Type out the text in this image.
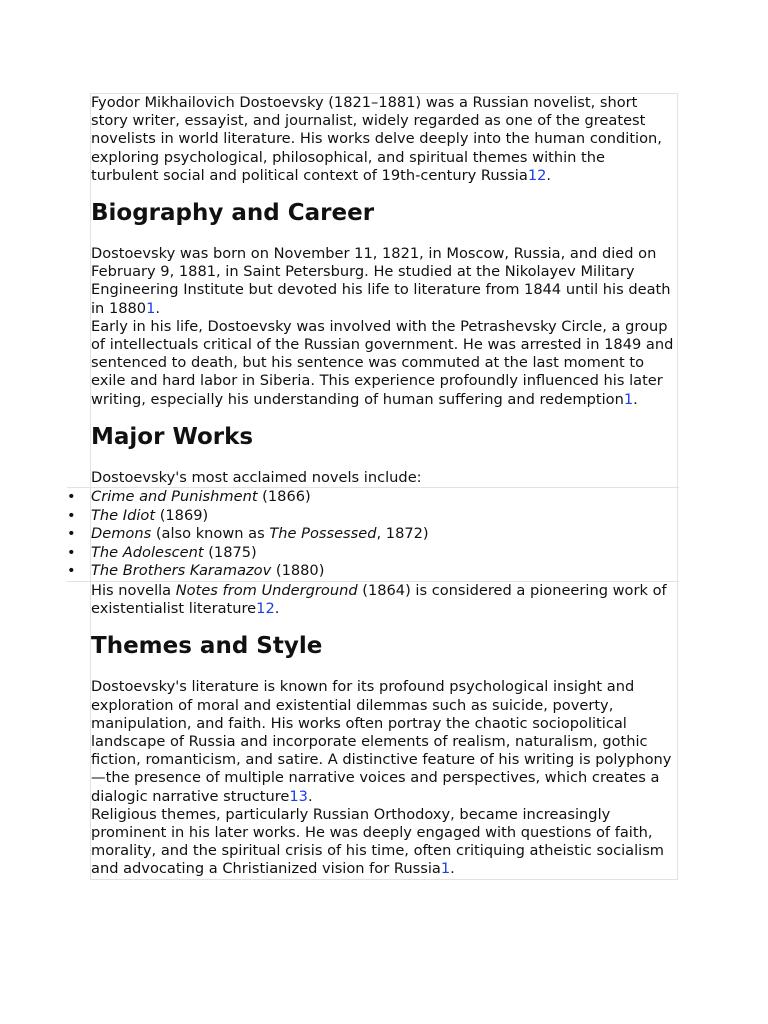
Fyodor Mikhailovich Dostoevsky (1821–1881) was a Russian novelist, short story writer, essayist, and journalist, widely regarded as one of the greatest novelists in world literature. His works delve deeply into the human condition, exploring psychological, philosophical, and spiritual themes within the turbulent social and political context of 19th-century Russia12.

Biography and Career

Dostoevsky was born on November 11, 1821, in Moscow, Russia, and died on February 9, 1881, in Saint Petersburg. He studied at the Nikolayev Military Engineering Institute but devoted his life to literature from 1844 until his death in 18801.

Early in his life, Dostoevsky was involved with the Petrashevsky Circle, a group of intellectuals critical of the Russian government. He was arrested in 1849 and sentenced to death, but his sentence was commuted at the last moment to exile and hard labor in Siberia. This experience profoundly influenced his later writing, especially his understanding of human suffering and redemption1.

Major Works

Dostoevsky's most acclaimed novels include:

• Crime and Punishment (1866)
• The Idiot (1869)
• Demons (also known as The Possessed, 1872)
• The Adolescent (1875)
• The Brothers Karamazov (1880)

His novella Notes from Underground (1864) is considered a pioneering work of existentialist literature12.

Themes and Style

Dostoevsky's literature is known for its profound psychological insight and exploration of moral and existential dilemmas such as suicide, poverty, manipulation, and faith. His works often portray the chaotic sociopolitical landscape of Russia and incorporate elements of realism, naturalism, gothic fiction, romanticism, and satire. A distinctive feature of his writing is polyphony—the presence of multiple narrative voices and perspectives, which creates a dialogic narrative structure13.

Religious themes, particularly Russian Orthodoxy, became increasingly prominent in his later works. He was deeply engaged with questions of faith, morality, and the spiritual crisis of his time, often critiquing atheistic socialism and advocating a Christianized vision for Russia1.
